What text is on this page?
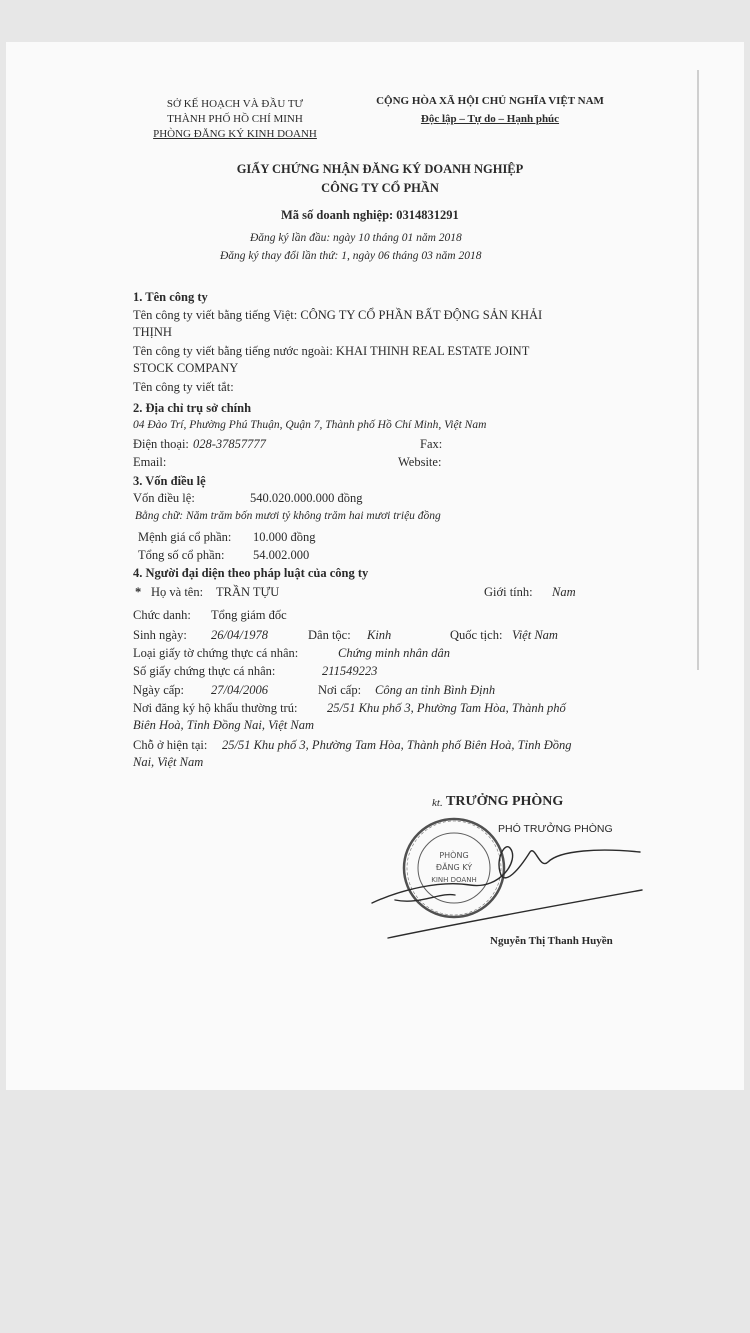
SỞ KẾ HOẠCH VÀ ĐẦU TƯ
THÀNH PHỐ HỒ CHÍ MINH
PHÒNG ĐĂNG KÝ KINH DOANH
CỘNG HÒA XÃ HỘI CHỦ NGHĨA VIỆT NAM
Độc lập – Tự do – Hạnh phúc
GIẤY CHỨNG NHẬN ĐĂNG KÝ DOANH NGHIỆP
CÔNG TY CỔ PHẦN
Mã số doanh nghiệp: 0314831291
Đăng ký lần đầu: ngày 10 tháng 01 năm 2018
Đăng ký thay đổi lần thứ: 1, ngày 06 tháng 03 năm 2018
1. Tên công ty
Tên công ty viết bằng tiếng Việt: CÔNG TY CỔ PHẦN BẤT ĐỘNG SẢN KHẢI
THỊNH
Tên công ty viết bằng tiếng nước ngoài: KHAI THINH REAL ESTATE JOINT
STOCK COMPANY
Tên công ty viết tắt:
2. Địa chỉ trụ sở chính
04 Đào Trí, Phường Phú Thuận, Quận 7, Thành phố Hồ Chí Minh, Việt Nam
Điện thoại: 028-37857777	Fax:
Email:	Website:
3. Vốn điều lệ
Vốn điều lệ:	540.020.000.000 đồng
Bằng chữ: Năm trăm bốn mươi tỷ không trăm hai mươi triệu đồng
Mệnh giá cổ phần: 10.000 đồng
Tổng số cổ phần: 54.002.000
4. Người đại diện theo pháp luật của công ty
* Họ và tên: TRẦN TỰU	Giới tính: Nam
Chức danh: Tổng giám đốc
Sinh ngày: 26/04/1978	Dân tộc: Kinh	Quốc tịch: Việt Nam
Loại giấy tờ chứng thực cá nhân:	Chứng minh nhân dân
Số giấy chứng thực cá nhân:	211549223
Ngày cấp: 27/04/2006	Nơi cấp: Công an tỉnh Bình Định
Nơi đăng ký hộ khẩu thường trú: 25/51 Khu phố 3, Phường Tam Hòa, Thành phố
Biên Hoà, Tỉnh Đồng Nai, Việt Nam
Chỗ ở hiện tại: 25/51 Khu phố 3, Phường Tam Hòa, Thành phố Biên Hoà, Tỉnh Đồng
Nai, Việt Nam
kt. TRƯỞNG PHÒNG
PHÓ TRƯỞNG PHÒNG
Nguyễn Thị Thanh Huyền
PHÒNG
ĐĂNG KÝ
KINH DOANH
